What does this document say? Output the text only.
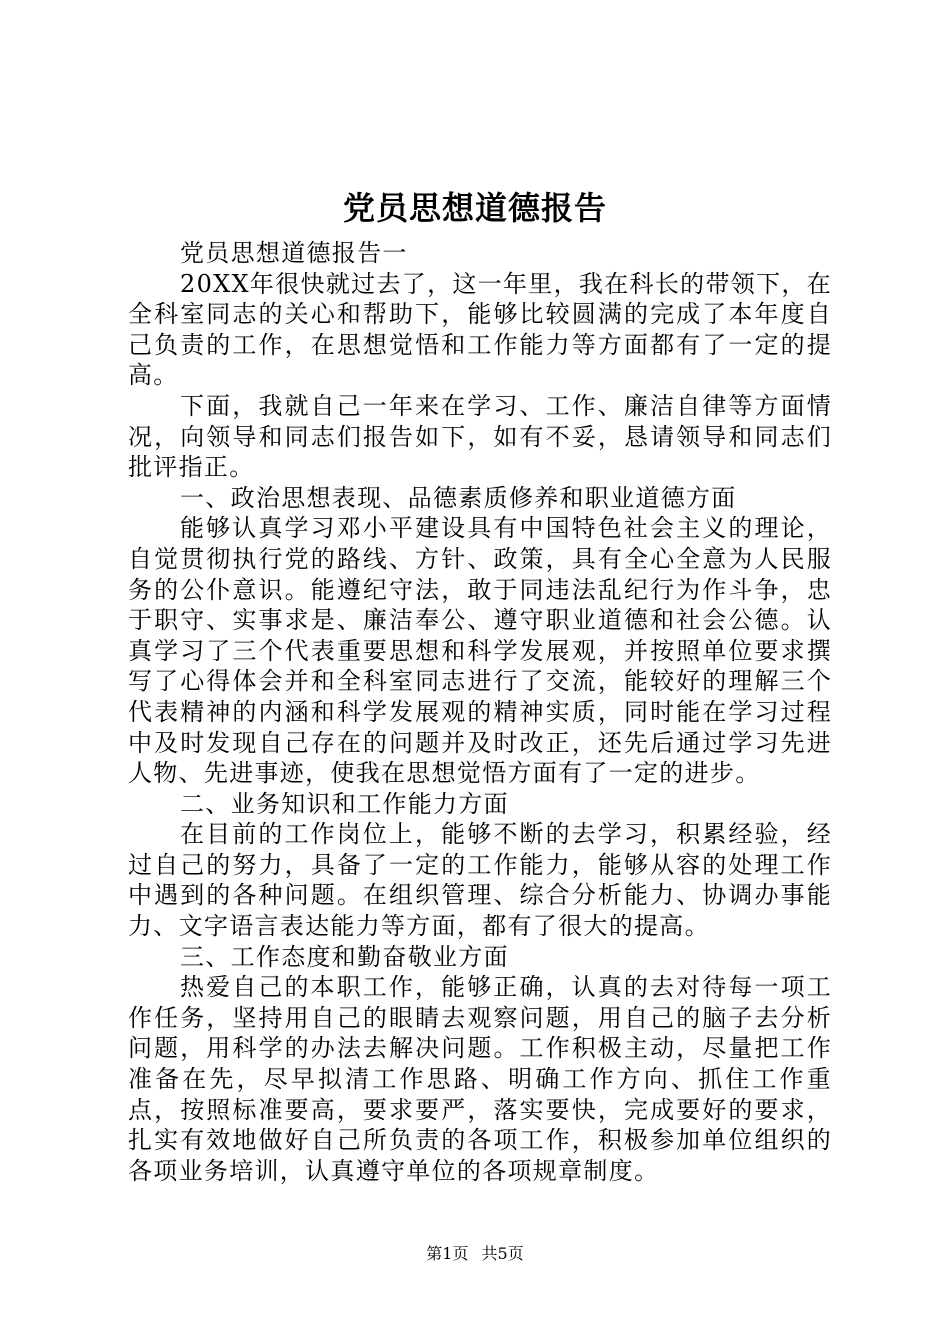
党员思想道德报告

党员思想道德报告一

20XX年很快就过去了，这一年里，我在科长的带领下，在全科室同志的关心和帮助下，能够比较圆满的完成了本年度自己负责的工作，在思想觉悟和工作能力等方面都有了一定的提高。

下面，我就自己一年来在学习、工作、廉洁自律等方面情况，向领导和同志们报告如下，如有不妥，恳请领导和同志们批评指正。

一、政治思想表现、品德素质修养和职业道德方面

能够认真学习邓小平建设具有中国特色社会主义的理论，自觉贯彻执行党的路线、方针、政策，具有全心全意为人民服务的公仆意识。能遵纪守法，敢于同违法乱纪行为作斗争，忠于职守、实事求是、廉洁奉公、遵守职业道德和社会公德。认真学习了三个代表重要思想和科学发展观，并按照单位要求撰写了心得体会并和全科室同志进行了交流，能较好的理解三个代表精神的内涵和科学发展观的精神实质，同时能在学习过程中及时发现自己存在的问题并及时改正，还先后通过学习先进人物、先进事迹，使我在思想觉悟方面有了一定的进步。

二、业务知识和工作能力方面

在目前的工作岗位上，能够不断的去学习，积累经验，经过自己的努力，具备了一定的工作能力，能够从容的处理工作中遇到的各种问题。在组织管理、综合分析能力、协调办事能力、文字语言表达能力等方面，都有了很大的提高。

三、工作态度和勤奋敬业方面

热爱自己的本职工作，能够正确，认真的去对待每一项工作任务，坚持用自己的眼睛去观察问题，用自己的脑子去分析问题，用科学的办法去解决问题。工作积极主动，尽量把工作准备在先，尽早拟清工作思路、明确工作方向、抓住工作重点，按照标准要高，要求要严，落实要快，完成要好的要求，扎实有效地做好自己所负责的各项工作，积极参加单位组织的各项业务培训，认真遵守单位的各项规章制度。

第1页 共5页
